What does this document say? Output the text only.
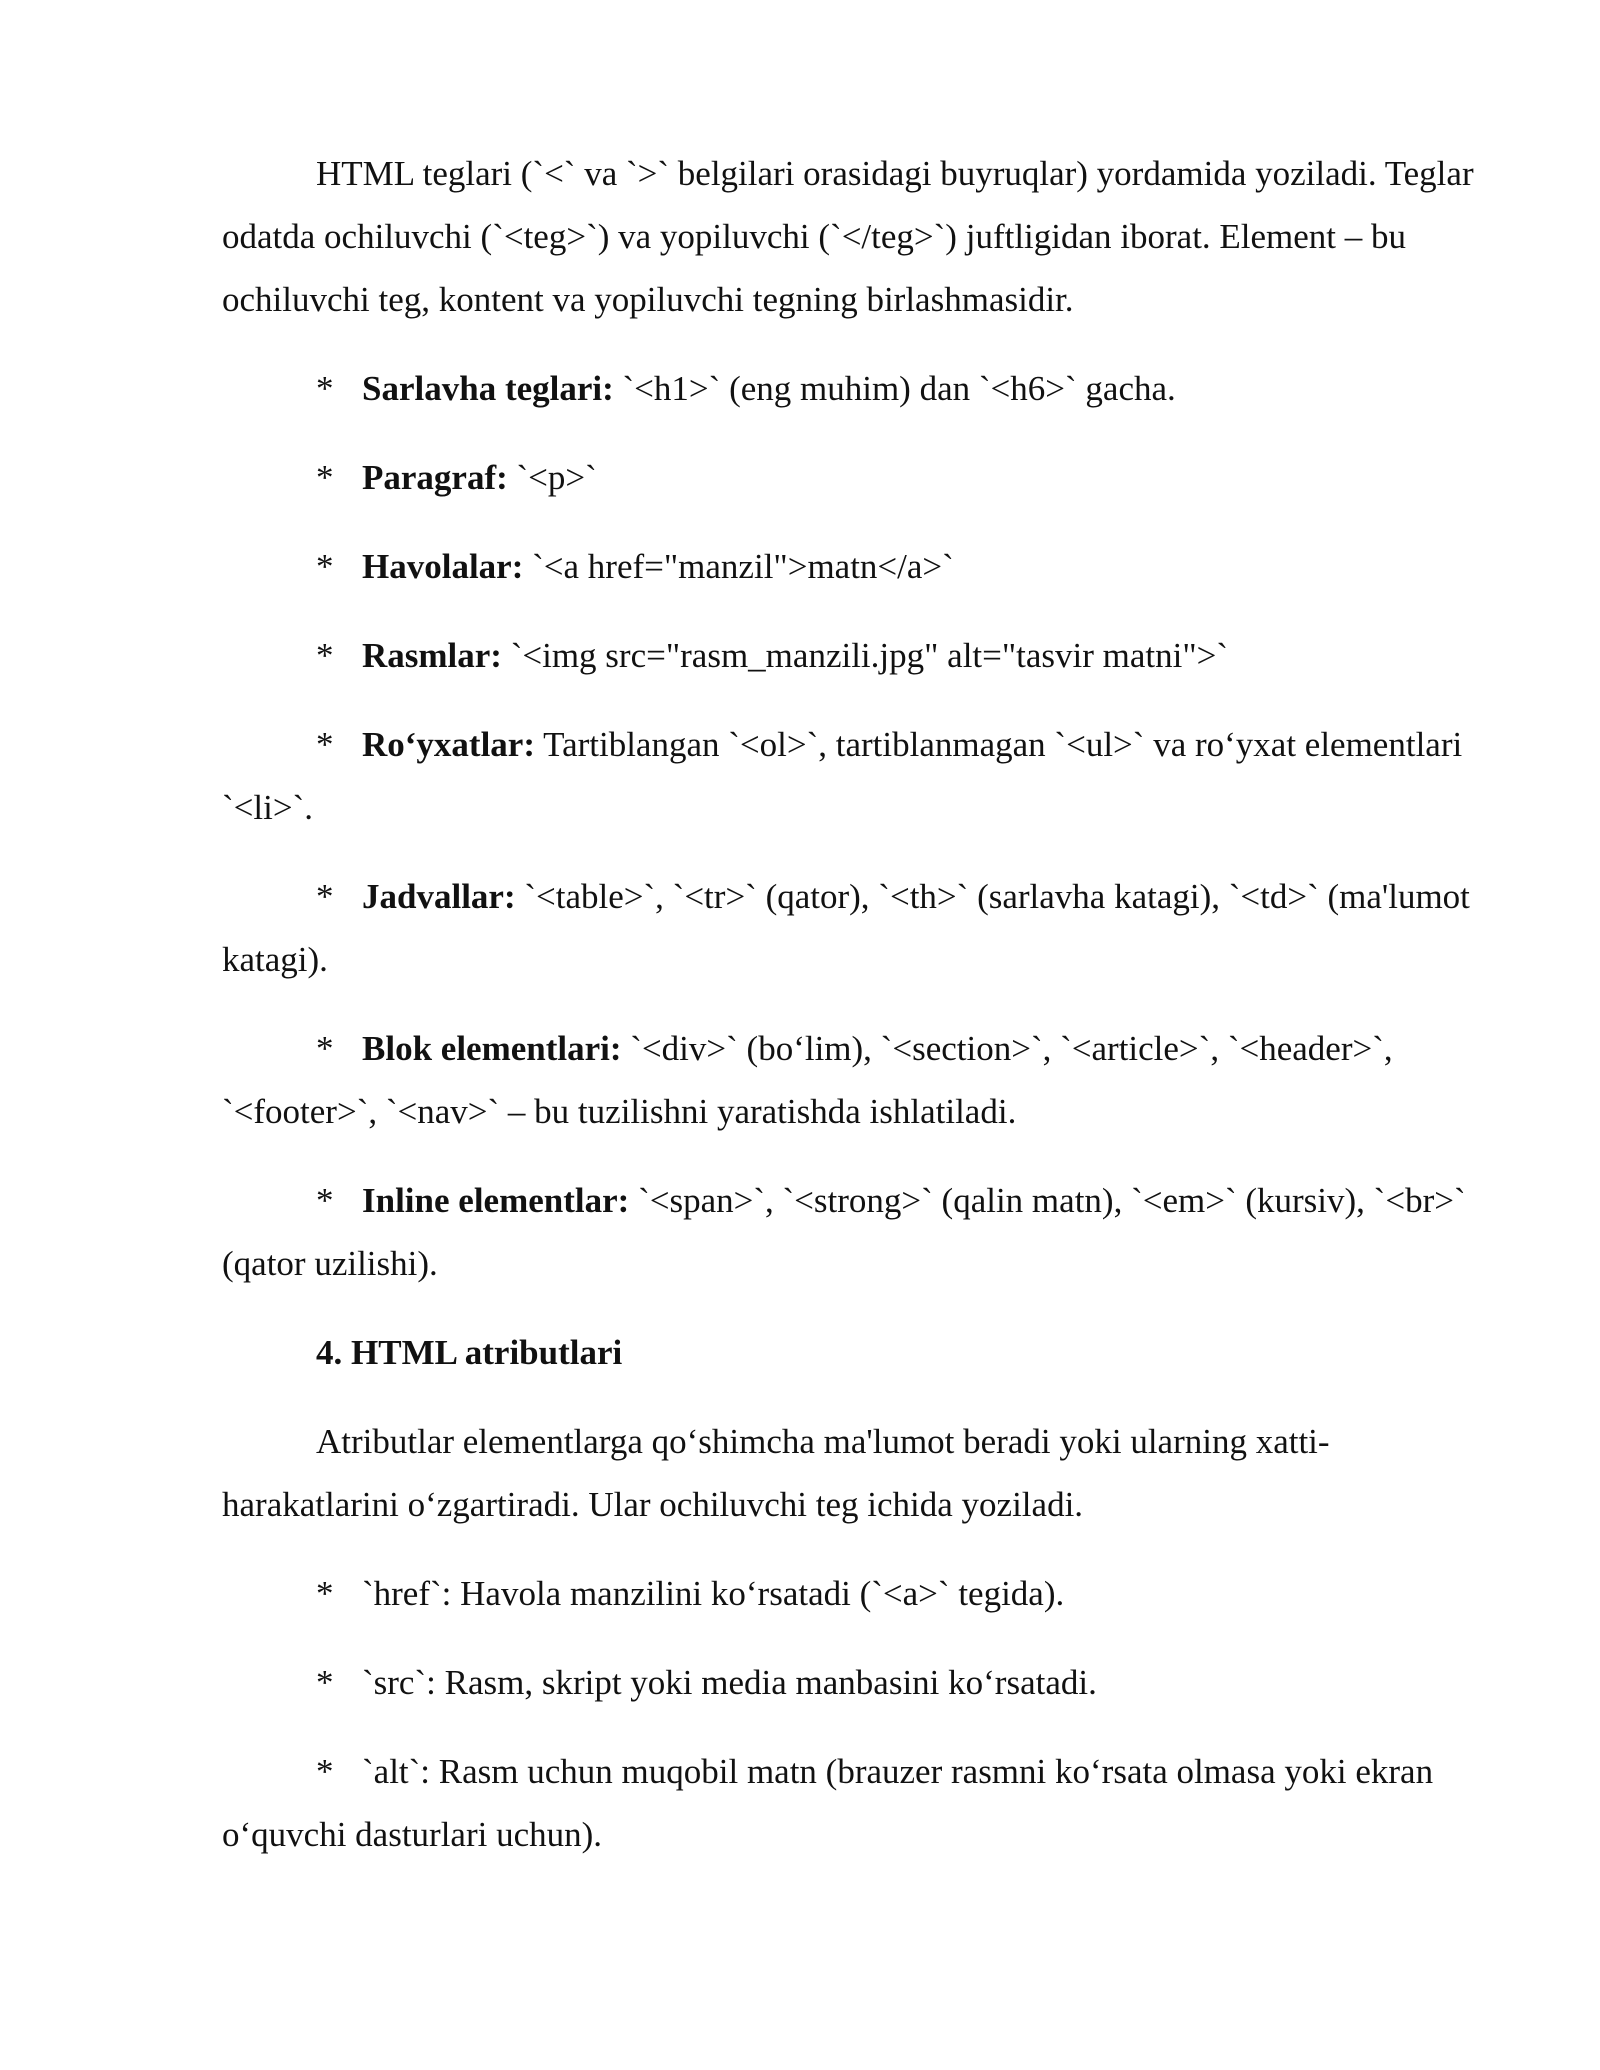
HTML teglari (`<` va `>` belgilari orasidagi buyruqlar) yordamida yoziladi. Teglar odatda ochiluvchi (`<teg>`) va yopiluvchi (`</teg>`) juftligidan iborat. Element – bu ochiluvchi teg, kontent va yopiluvchi tegning birlashmasidir.

* Sarlavha teglari: `<h1>` (eng muhim) dan `<h6>` gacha.

* Paragraf: `<p>`

* Havolalar: `<a href="manzil">matn</a>`

* Rasmlar: `<img src="rasm_manzili.jpg" alt="tasvir matni">`

* Ro‘yxatlar: Tartiblangan `<ol>`, tartiblanmagan `<ul>` va ro‘yxat elementlari `<li>`.

* Jadvallar: `<table>`, `<tr>` (qator), `<th>` (sarlavha katagi), `<td>` (ma'lumot katagi).

* Blok elementlari: `<div>` (bo‘lim), `<section>`, `<article>`, `<header>`, `<footer>`, `<nav>` – bu tuzilishni yaratishda ishlatiladi.

* Inline elementlar: `<span>`, `<strong>` (qalin matn), `<em>` (kursiv), `<br>` (qator uzilishi).

4. HTML atributlari

Atributlar elementlarga qo‘shimcha ma'lumot beradi yoki ularning xatti-harakatlarini o‘zgartiradi. Ular ochiluvchi teg ichida yoziladi.

* `href`: Havola manzilini ko‘rsatadi (`<a>` tegida).

* `src`: Rasm, skript yoki media manbasini ko‘rsatadi.

* `alt`: Rasm uchun muqobil matn (brauzer rasmni ko‘rsata olmasa yoki ekran o‘quvchi dasturlari uchun).
